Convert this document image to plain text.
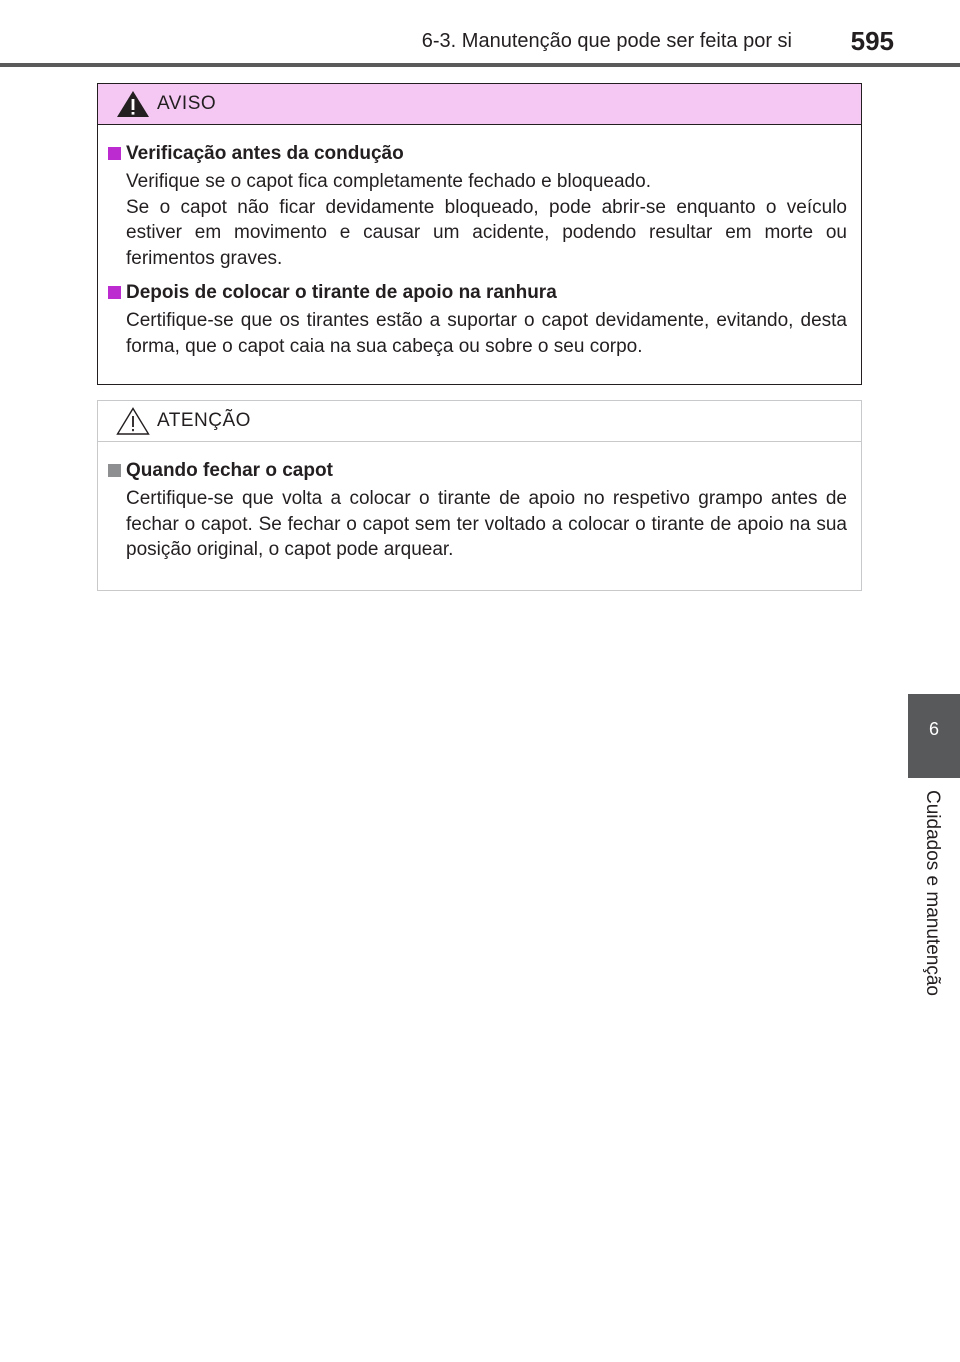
6-3. Manutenção que pode ser feita por si 595
6
Cuidados e manutenção
AVISO
Verificação antes da condução

Verifique se o capot fica completamente fechado e bloqueado.

Se o capot não ficar devidamente bloqueado, pode abrir-se enquanto o veículo estiver em movimento e causar um acidente, podendo resultar em morte ou ferimentos graves.

Depois de colocar o tirante de apoio na ranhura

Certifique-se que os tirantes estão a suportar o capot devidamente, evitando, desta forma, que o capot caia na sua cabeça ou sobre o seu corpo.

ATENÇÃO
Quando fechar o capot

Certifique-se que volta a colocar o tirante de apoio no respetivo grampo antes de fechar o capot. Se fechar o capot sem ter voltado a colocar o tirante de apoio na sua posição original, o capot pode arquear.
